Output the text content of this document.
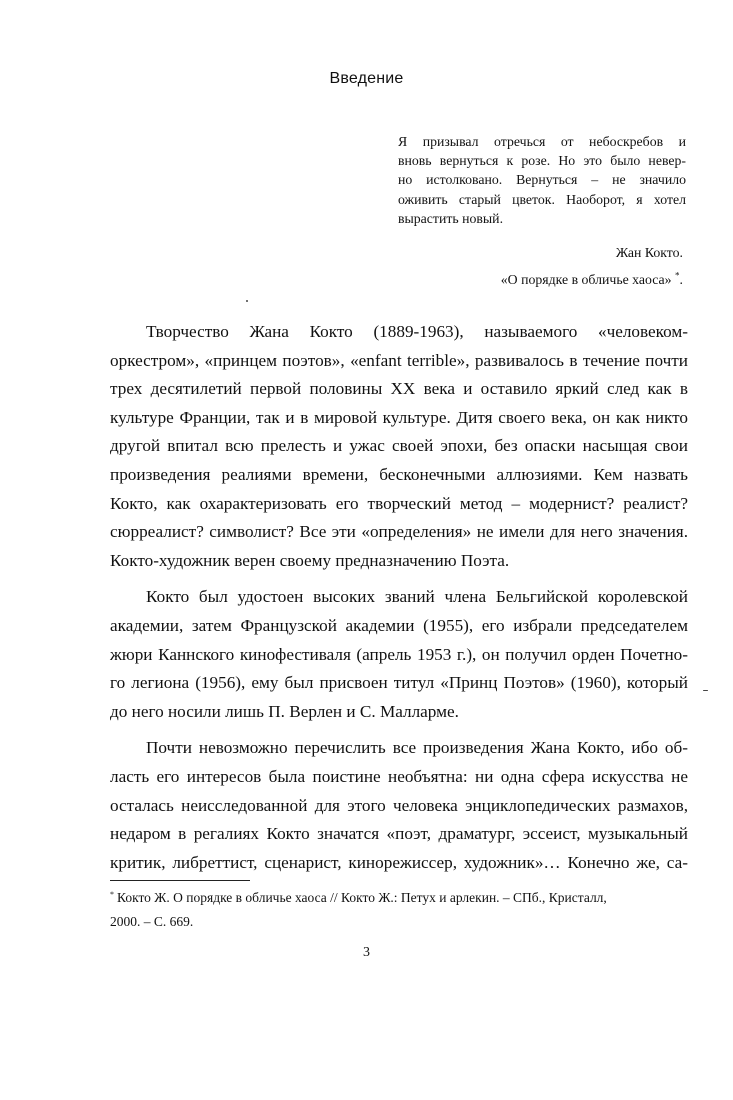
Введение
Я призывал отречься от небоскребов и
вновь вернуться к розе. Но это было невер-
но истолковано. Вернуться – не значило
оживить старый цветок. Наоборот, я хотел
вырастить новый.
Жан Кокто.
«О порядке в обличье хаоса» *.
Творчество Жана Кокто (1889-1963), называемого «человеком-
оркестром», «принцем поэтов», «enfant terrible», развивалось в течение почти
трех десятилетий первой половины XX века и оставило яркий след как в
культуре Франции, так и в мировой культуре. Дитя своего века, он как никто
другой впитал всю прелесть и ужас своей эпохи, без опаски насыщая свои
произведения реалиями времени, бесконечными аллюзиями. Кем назвать
Кокто, как охарактеризовать его творческий метод – модернист? реалист?
сюрреалист? символист? Все эти «определения» не имели для него значения.
Кокто-художник верен своему предназначению Поэта.
Кокто был удостоен высоких званий члена Бельгийской королевской
академии, затем Французской академии (1955), его избрали председателем
жюри Каннского кинофестиваля (апрель 1953 г.), он получил орден Почетно-
го легиона (1956), ему был присвоен титул «Принц Поэтов» (1960), который
до него носили лишь П. Верлен и С. Малларме.
Почти невозможно перечислить все произведения Жана Кокто, ибо об-
ласть его интересов была поистине необъятна: ни одна сфера искусства не
осталась неисследованной для этого человека энциклопедических размахов,
недаром в регалиях Кокто значатся «поэт, драматург, эссеист, музыкальный
критик, либреттист, сценарист, кинорежиссер, художник»… Конечно же, са-
* Кокто Ж. О порядке в обличье хаоса // Кокто Ж.: Петух и арлекин. – СПб., Кристалл,
2000. – С. 669.
3
